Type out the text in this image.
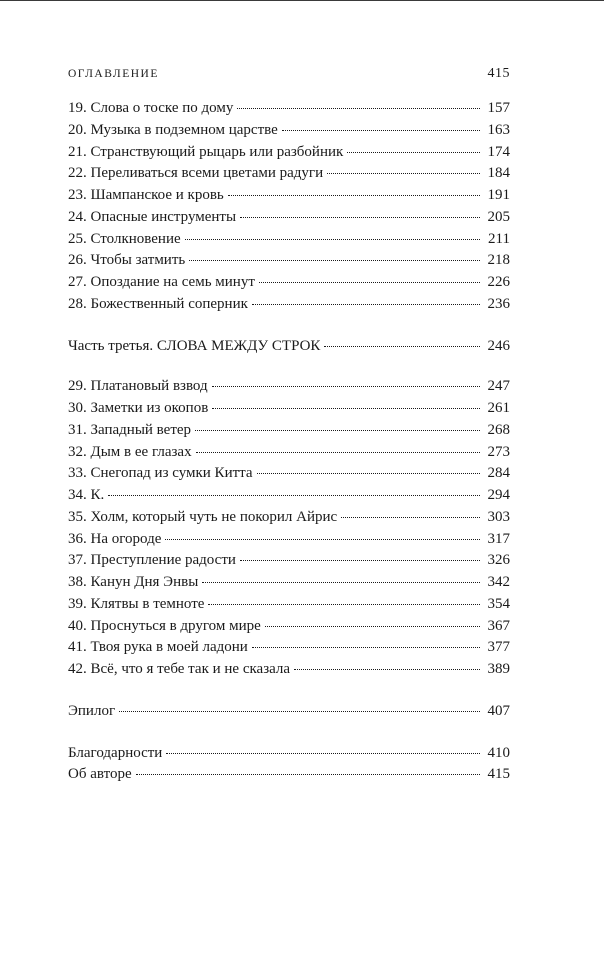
ОГЛАВЛЕНИЕ	415
19. Слова о тоске по дому	157
20. Музыка в подземном царстве	163
21. Странствующий рыцарь или разбойник	174
22. Переливаться всеми цветами радуги	184
23. Шампанское и кровь	191
24. Опасные инструменты	205
25. Столкновение	211
26. Чтобы затмить	218
27. Опоздание на семь минут	226
28. Божественный соперник	236
Часть третья. СЛОВА МЕЖДУ СТРОК	246
29. Платановый взвод	247
30. Заметки из окопов	261
31. Западный ветер	268
32. Дым в ее глазах	273
33. Снегопад из сумки Китта	284
34. К.	294
35. Холм, который чуть не покорил Айрис	303
36. На огороде	317
37. Преступление радости	326
38. Канун Дня Энвы	342
39. Клятвы в темноте	354
40. Проснуться в другом мире	367
41. Твоя рука в моей ладони	377
42. Всё, что я тебе так и не сказала	389
Эпилог	407
Благодарности	410
Об авторе	415
